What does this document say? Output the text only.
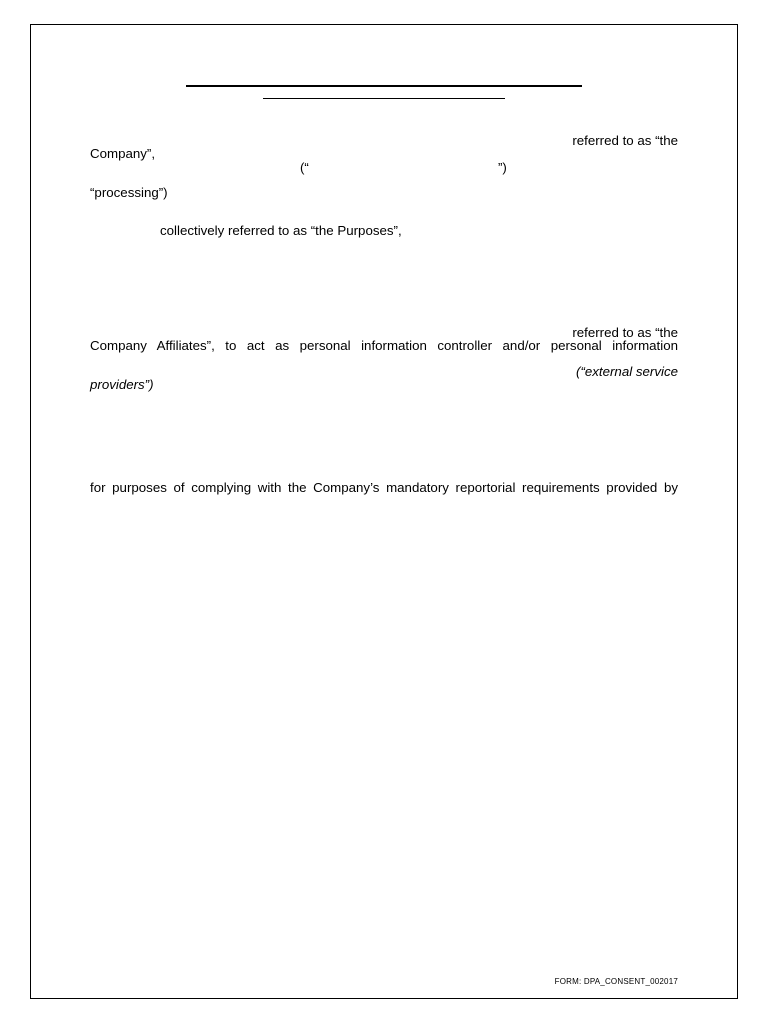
referred to as “the
Company”,
(“	”)
“processing”)
collectively referred to as “the Purposes”,
referred to as “the
Company Affiliates”, to act as personal information controller and/or personal information
(“external service
providers”)
for purposes of complying with the Company’s mandatory reportorial requirements provided by
FORM: DPA_CONSENT_002017
